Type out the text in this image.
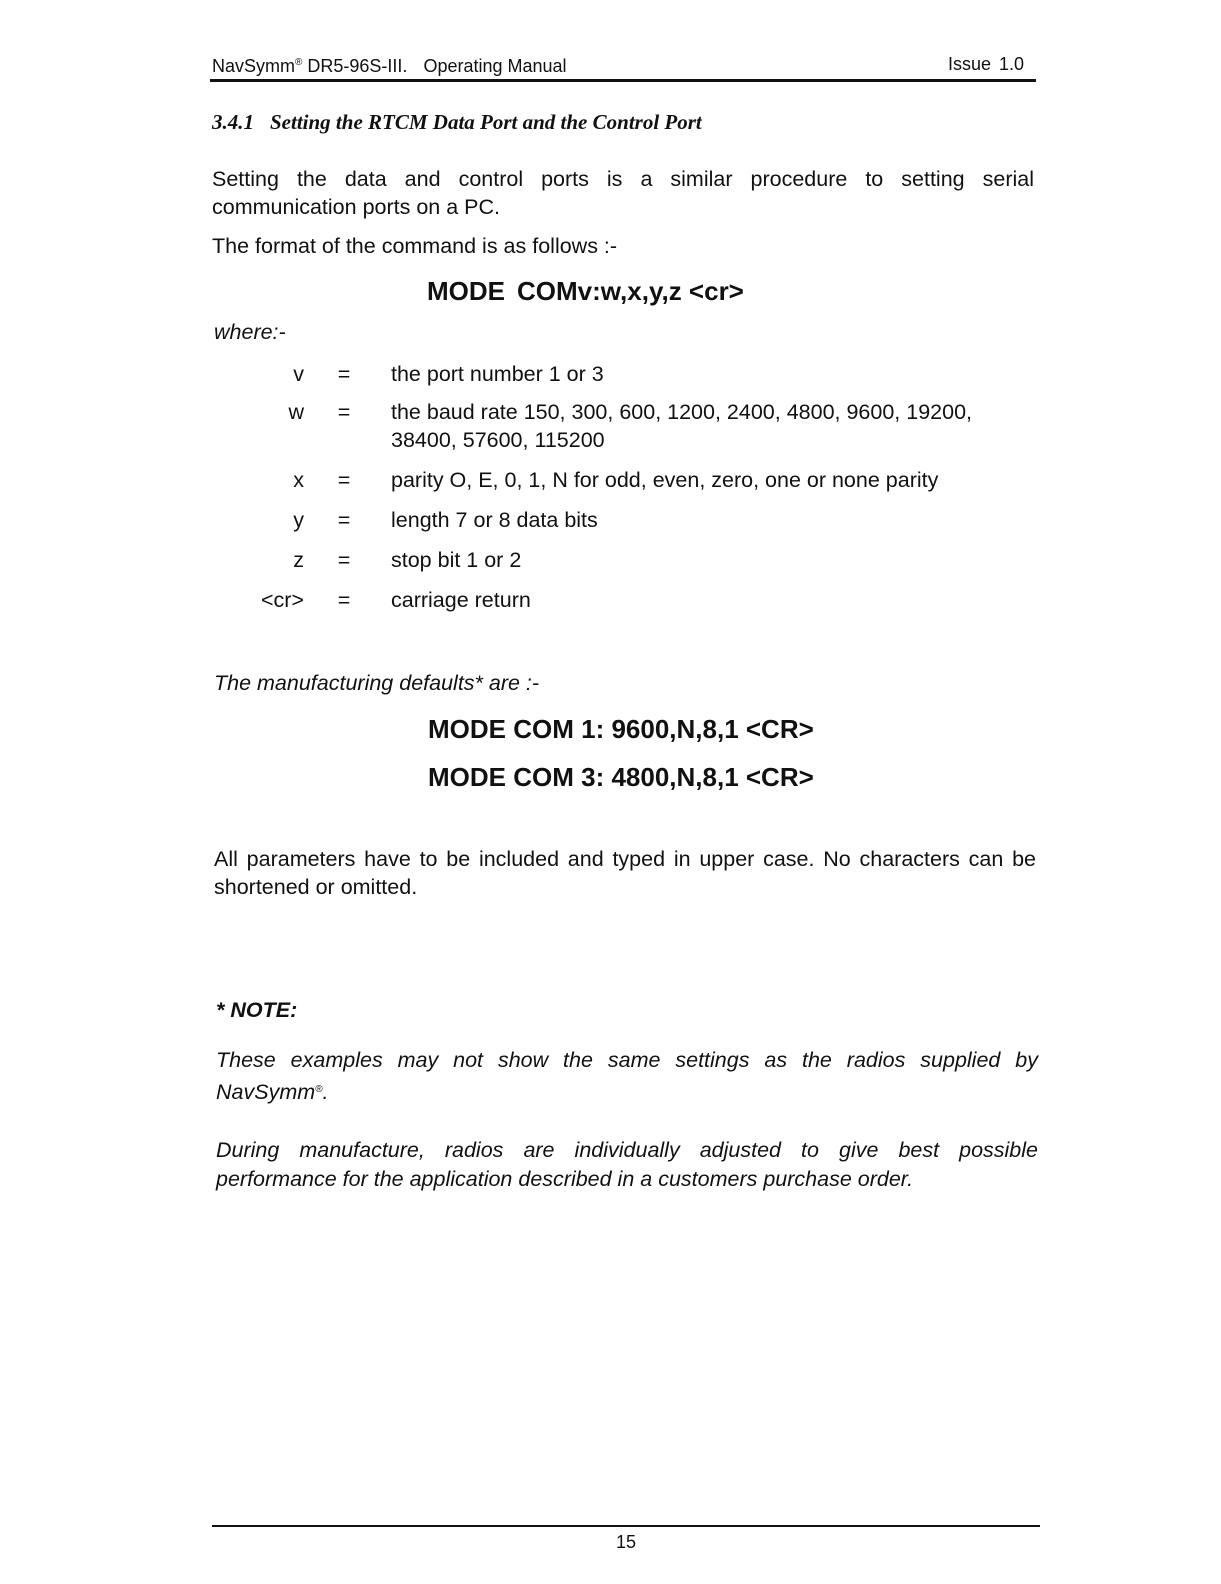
NavSymm® DR5-96S-III. Operating Manual	Issue 1.0
3.4.1 Setting the RTCM Data Port and the Control Port
Setting the data and control ports is a similar procedure to setting serial communication ports on a PC.
The format of the command is as follows :-
MODE COMv:w,x,y,z <cr>
where:-
v	=	the port number 1 or 3
w	=	the baud rate 150, 300, 600, 1200, 2400, 4800, 9600, 19200, 38400, 57600, 115200
x	=	parity O, E, 0, 1, N for odd, even, zero, one or none parity
y	=	length 7 or 8 data bits
z	=	stop bit 1 or 2
<cr>	=	carriage return
The manufacturing defaults* are :-
MODE COM 1: 9600,N,8,1 <CR>
MODE COM 3: 4800,N,8,1 <CR>
All parameters have to be included and typed in upper case. No characters can be shortened or omitted.
* NOTE:
These examples may not show the same settings as the radios supplied by NavSymm®.
During manufacture, radios are individually adjusted to give best possible performance for the application described in a customers purchase order.
15
